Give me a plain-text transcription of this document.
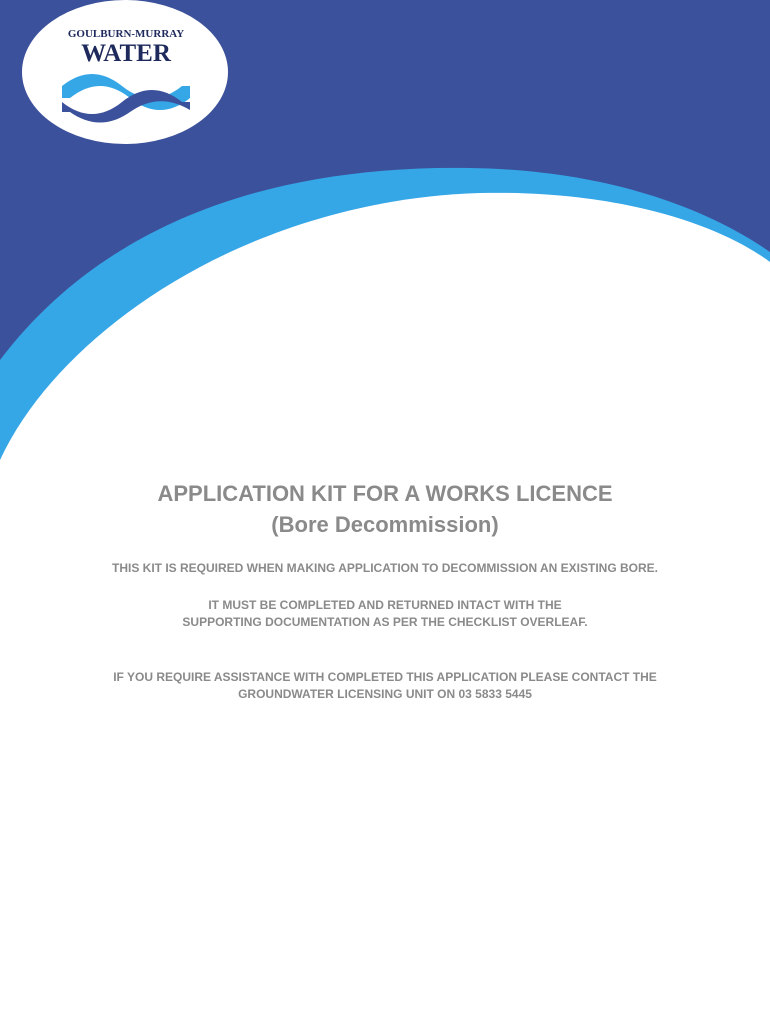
GOULBURN-MURRAY
WATER

APPLICATION KIT FOR A WORKS LICENCE

(Bore Decommission)

THIS KIT IS REQUIRED WHEN MAKING APPLICATION TO DECOMMISSION AN EXISTING BORE.

IT MUST BE COMPLETED AND RETURNED INTACT WITH THE

SUPPORTING DOCUMENTATION AS PER THE CHECKLIST OVERLEAF.

IF YOU REQUIRE ASSISTANCE WITH COMPLETED THIS APPLICATION PLEASE CONTACT THE

GROUNDWATER LICENSING UNIT ON 03 5833 5445
